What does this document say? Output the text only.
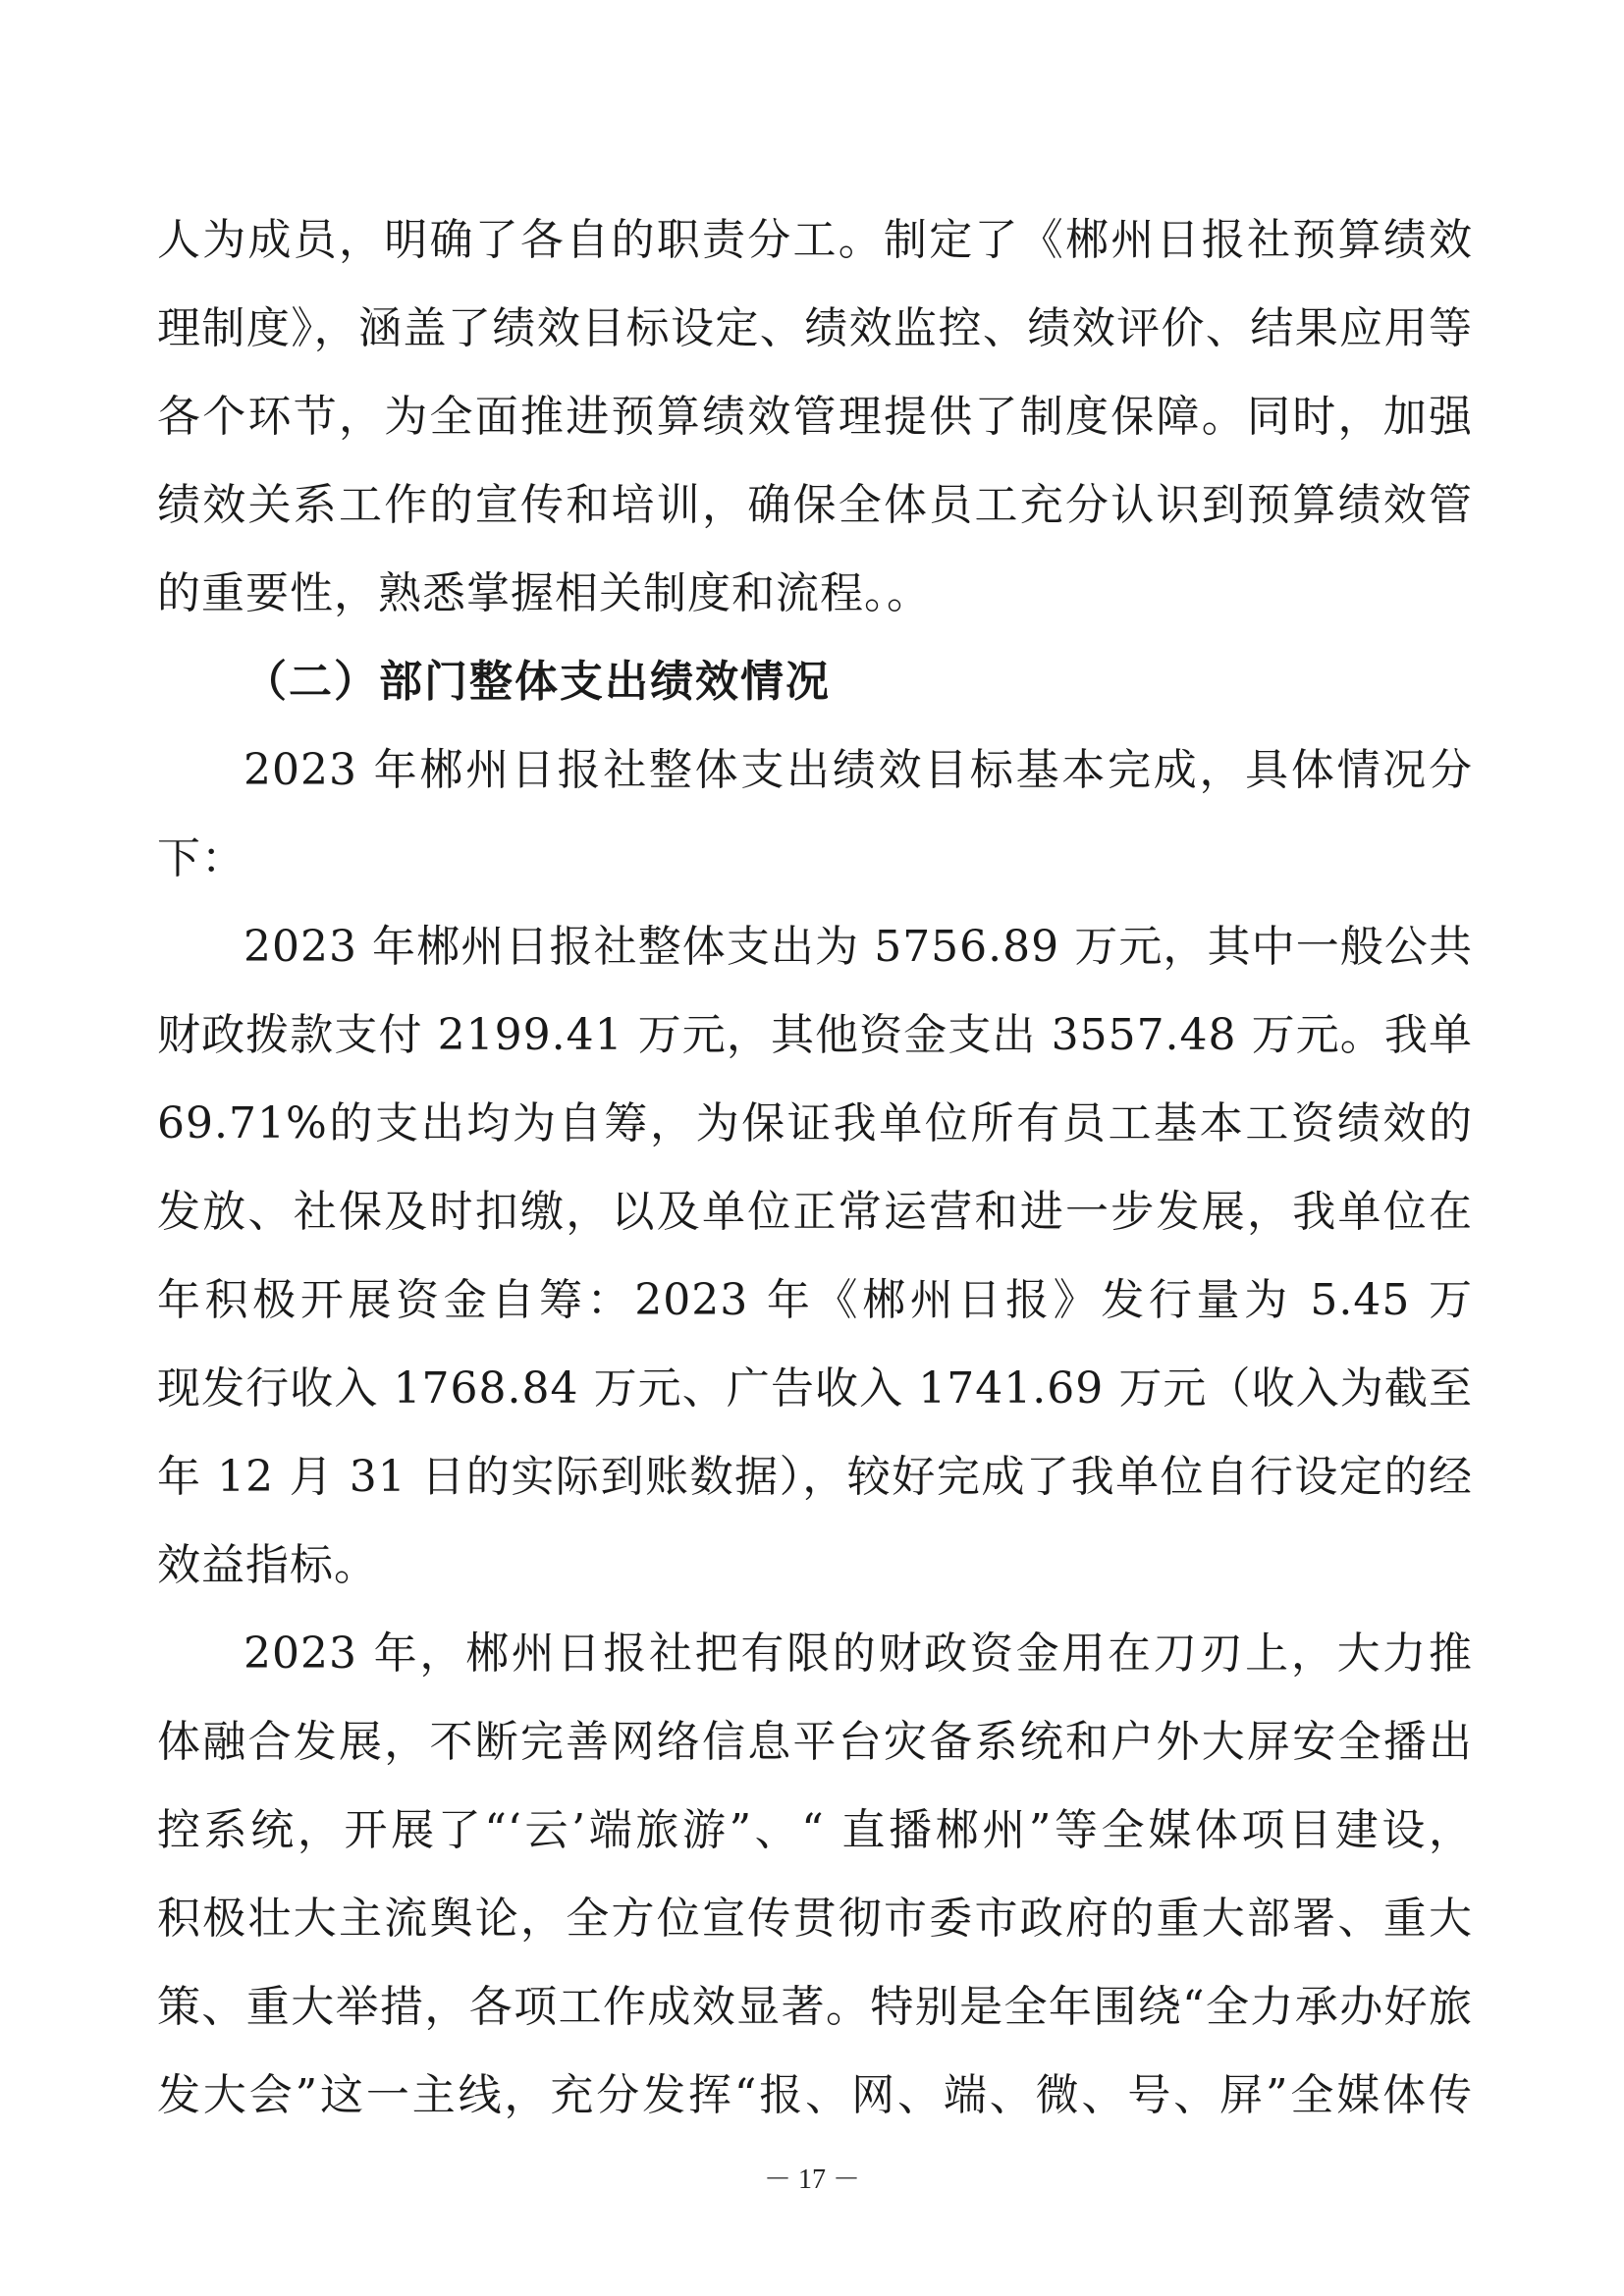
人为成员，明确了各自的职责分工。制定了《郴州日报社预算绩效
理制度》，涵盖了绩效目标设定、绩效监控、绩效评价、结果应用等
各个环节，为全面推进预算绩效管理提供了制度保障。同时，加强
绩效关系工作的宣传和培训，确保全体员工充分认识到预算绩效管
的重要性，熟悉掌握相关制度和流程。。
（二）部门整体支出绩效情况
2023 年郴州日报社整体支出绩效目标基本完成，具体情况分
下：
2023 年郴州日报社整体支出为 5756.89 万元，其中一般公共
财政拨款支付 2199.41 万元，其他资金支出 3557.48 万元。我单
69.71%的支出均为自筹，为保证我单位所有员工基本工资绩效的
发放、社保及时扣缴，以及单位正常运营和进一步发展，我单位在
年积极开展资金自筹：2023 年《郴州日报》发行量为 5.45 万
现发行收入 1768.84 万元、广告收入 1741.69 万元（收入为截至
年 12 月 31 日的实际到账数据），较好完成了我单位自行设定的经
效益指标。
2023 年，郴州日报社把有限的财政资金用在刀刃上，大力推
体融合发展，不断完善网络信息平台灾备系统和户外大屏安全播出
控系统，开展了“‘云’端旅游”、“ 直播郴州”等全媒体项目建设，
积极壮大主流舆论，全方位宣传贯彻市委市政府的重大部署、重大
策、重大举措，各项工作成效显著。特别是全年围绕“全力承办好旅
发大会”这一主线，充分发挥“报、网、端、微、号、屏”全媒体传
－ 17 －
